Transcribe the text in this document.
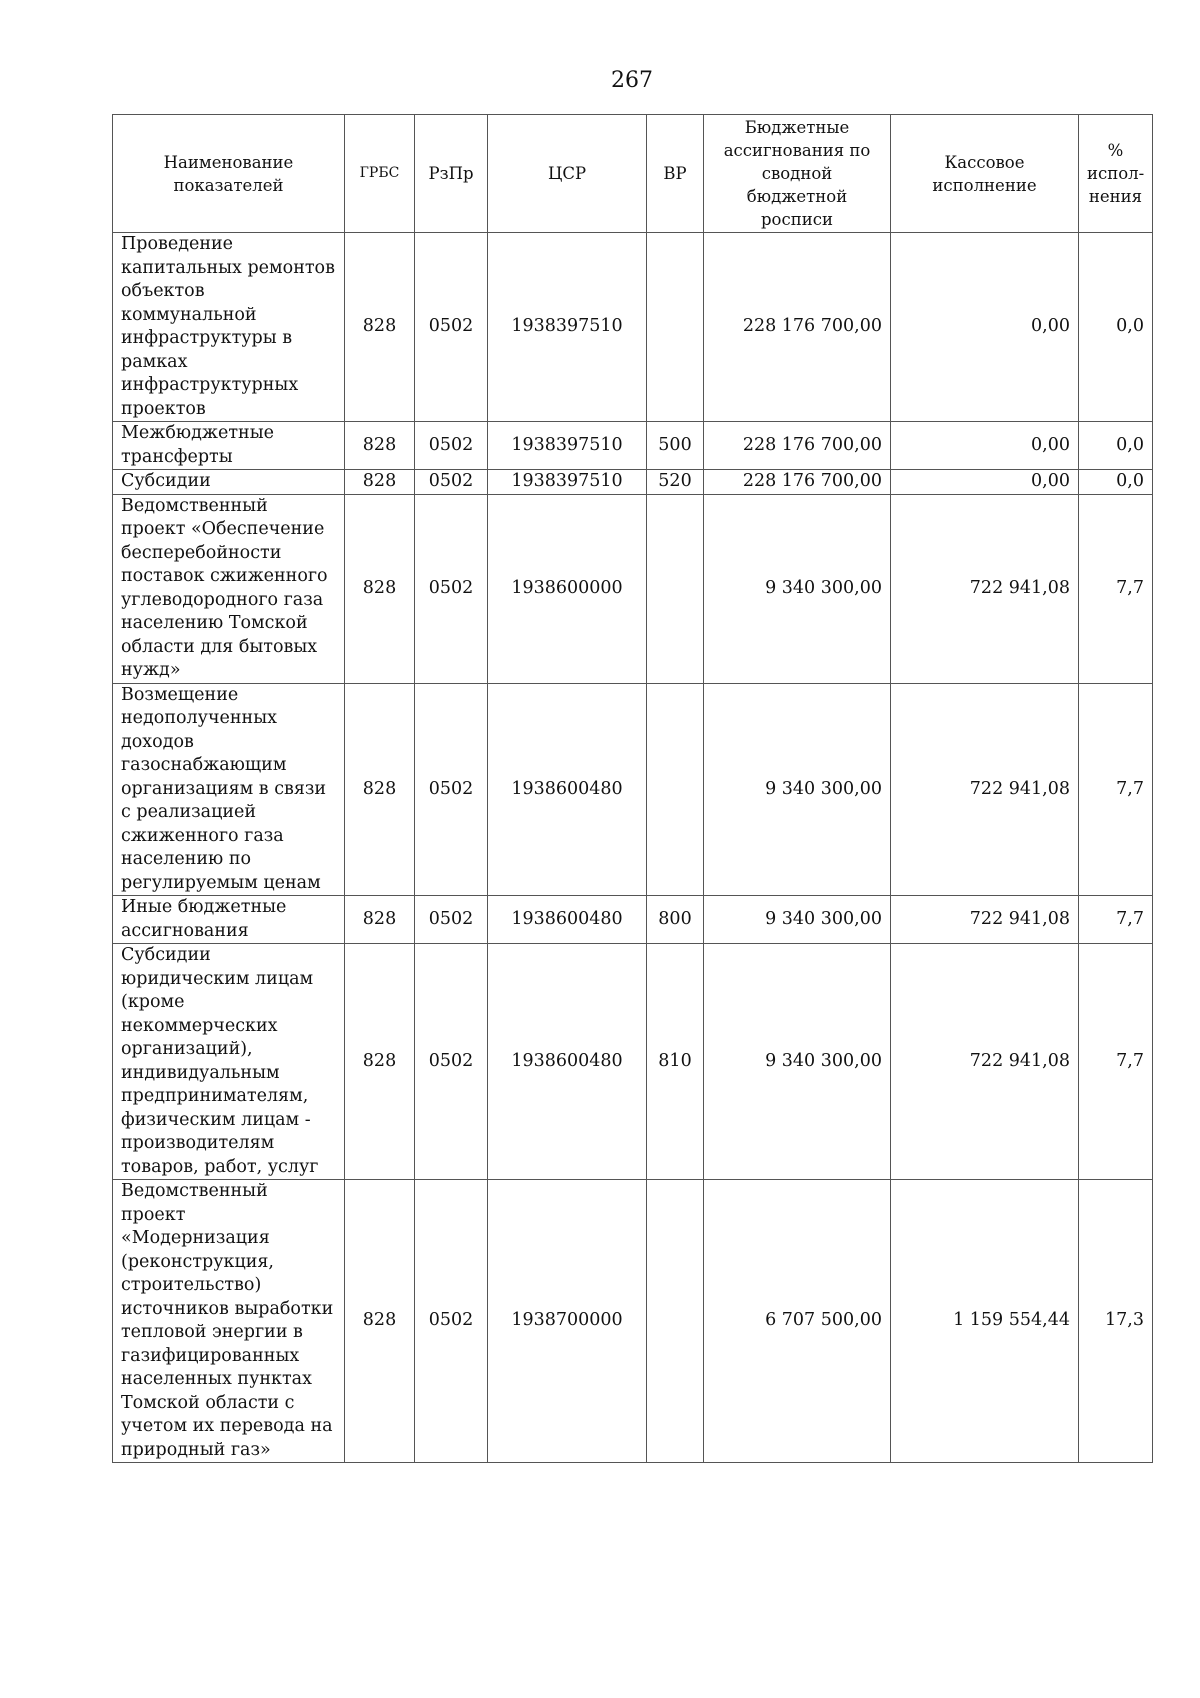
267
Наименование показателей	ГРБС	РзПр	ЦСР	ВР	Бюджетные ассигнования по сводной бюджетной росписи	Кассовое исполнение	% испол- нения
Проведение капитальных ремонтов объектов коммунальной инфраструктуры в рамках инфраструктурных проектов	828	0502	1938397510		228 176 700,00	0,00	0,0
Межбюджетные трансферты	828	0502	1938397510	500	228 176 700,00	0,00	0,0
Субсидии	828	0502	1938397510	520	228 176 700,00	0,00	0,0
Ведомственный проект «Обеспечение бесперебойности поставок сжиженного углеводородного газа населению Томской области для бытовых нужд»	828	0502	1938600000		9 340 300,00	722 941,08	7,7
Возмещение недополученных доходов газоснабжающим организациям в связи с реализацией сжиженного газа населению по регулируемым ценам	828	0502	1938600480		9 340 300,00	722 941,08	7,7
Иные бюджетные ассигнования	828	0502	1938600480	800	9 340 300,00	722 941,08	7,7
Субсидии юридическим лицам (кроме некоммерческих организаций), индивидуальным предпринимателям, физическим лицам - производителям товаров, работ, услуг	828	0502	1938600480	810	9 340 300,00	722 941,08	7,7
Ведомственный проект «Модернизация (реконструкция, строительство) источников выработки тепловой энергии в газифицированных населенных пунктах Томской области с учетом их перевода на природный газ»	828	0502	1938700000		6 707 500,00	1 159 554,44	17,3
